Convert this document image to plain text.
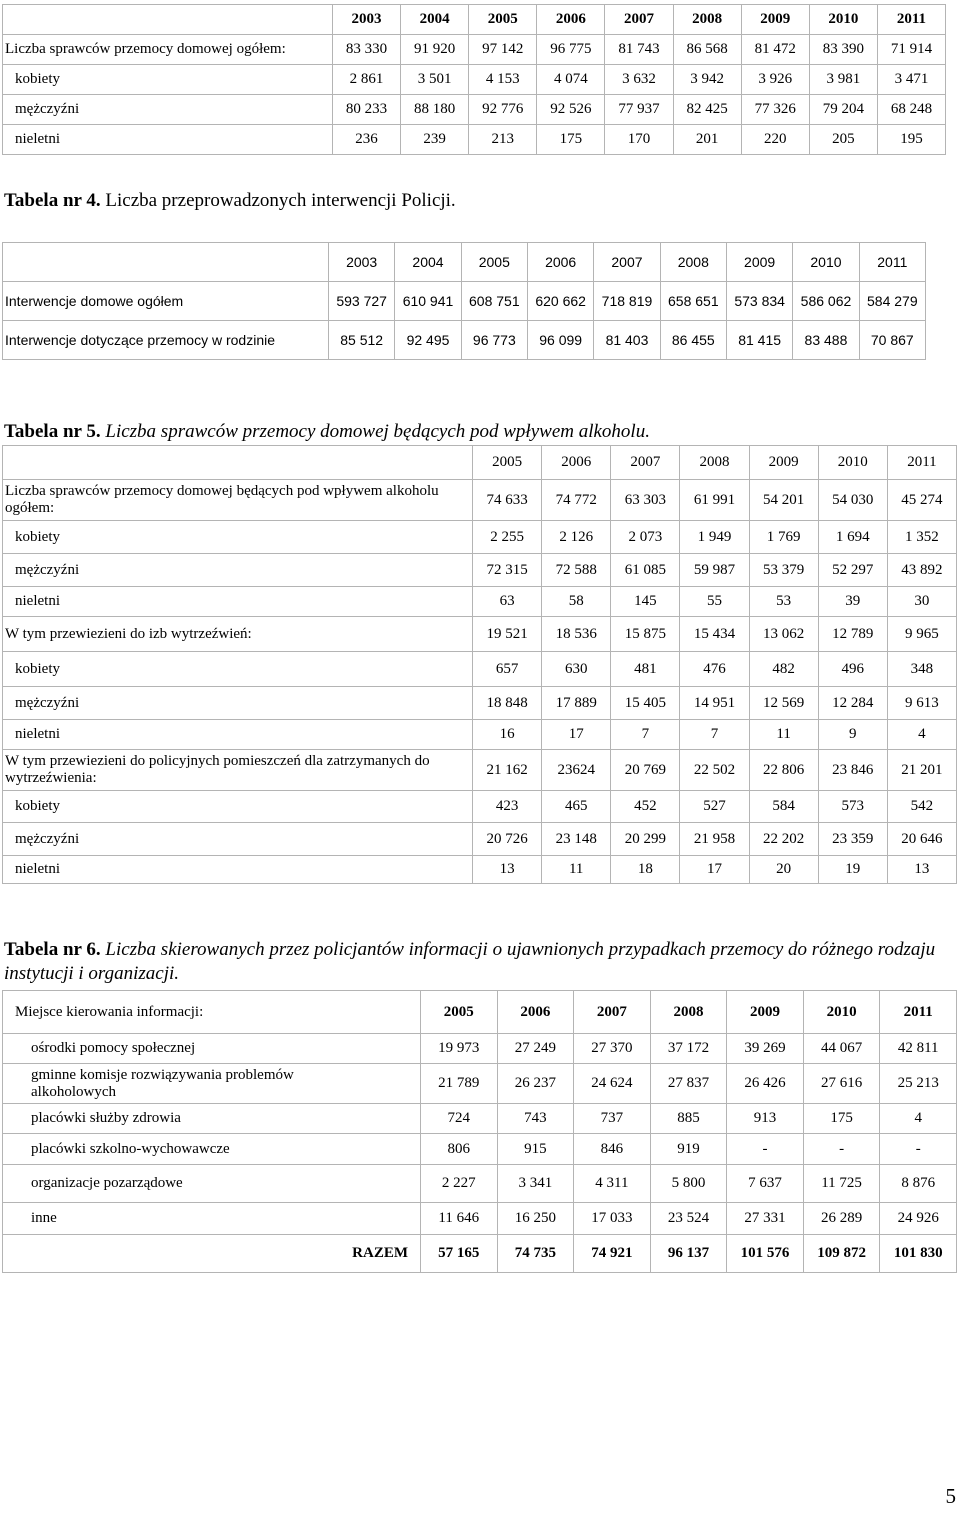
	2003	2004	2005	2006	2007	2008	2009	2010	2011
Liczba sprawców przemocy domowej ogółem:	83 330	91 920	97 142	96 775	81 743	86 568	81 472	83 390	71 914
kobiety	2 861	3 501	4 153	4 074	3 632	3 942	3 926	3 981	3 471
mężczyźni	80 233	88 180	92 776	92 526	77 937	82 425	77 326	79 204	68 248
nieletni	236	239	213	175	170	201	220	205	195
Tabela nr 4. Liczba przeprowadzonych interwencji Policji.
	2003	2004	2005	2006	2007	2008	2009	2010	2011
Interwencje domowe ogółem	593 727	610 941	608 751	620 662	718 819	658 651	573 834	586 062	584 279
Interwencje dotyczące przemocy w rodzinie	85 512	92 495	96 773	96 099	81 403	86 455	81 415	83 488	70 867
Tabela nr 5. Liczba sprawców przemocy domowej będących pod wpływem alkoholu.
	2005	2006	2007	2008	2009	2010	2011
Liczba sprawców przemocy domowej będących pod wpływem alkoholu ogółem:	74 633	74 772	63 303	61 991	54 201	54 030	45 274
kobiety	2 255	2 126	2 073	1 949	1 769	1 694	1 352
mężczyźni	72 315	72 588	61 085	59 987	53 379	52 297	43 892
nieletni	63	58	145	55	53	39	30
W tym przewiezieni do izb wytrzeźwień:	19 521	18 536	15 875	15 434	13 062	12 789	9 965
kobiety	657	630	481	476	482	496	348
mężczyźni	18 848	17 889	15 405	14 951	12 569	12 284	9 613
nieletni	16	17	7	7	11	9	4
W tym przewiezieni do policyjnych pomieszczeń dla zatrzymanych do wytrzeźwienia:	21 162	23624	20 769	22 502	22 806	23 846	21 201
kobiety	423	465	452	527	584	573	542
mężczyźni	20 726	23 148	20 299	21 958	22 202	23 359	20 646
nieletni	13	11	18	17	20	19	13
Tabela nr 6. Liczba skierowanych przez policjantów informacji o ujawnionych przypadkach przemocy do różnego rodzaju instytucji i organizacji.
Miejsce kierowania informacji:	2005	2006	2007	2008	2009	2010	2011
ośrodki pomocy społecznej	19 973	27 249	27 370	37 172	39 269	44 067	42 811
gminne komisje rozwiązywania problemów alkoholowych	21 789	26 237	24 624	27 837	26 426	27 616	25 213
placówki służby zdrowia	724	743	737	885	913	175	4
placówki szkolno-wychowawcze	806	915	846	919	-	-	-
organizacje pozarządowe	2 227	3 341	4 311	5 800	7 637	11 725	8 876
inne	11 646	16 250	17 033	23 524	27 331	26 289	24 926
RAZEM	57 165	74 735	74 921	96 137	101 576	109 872	101 830
5
